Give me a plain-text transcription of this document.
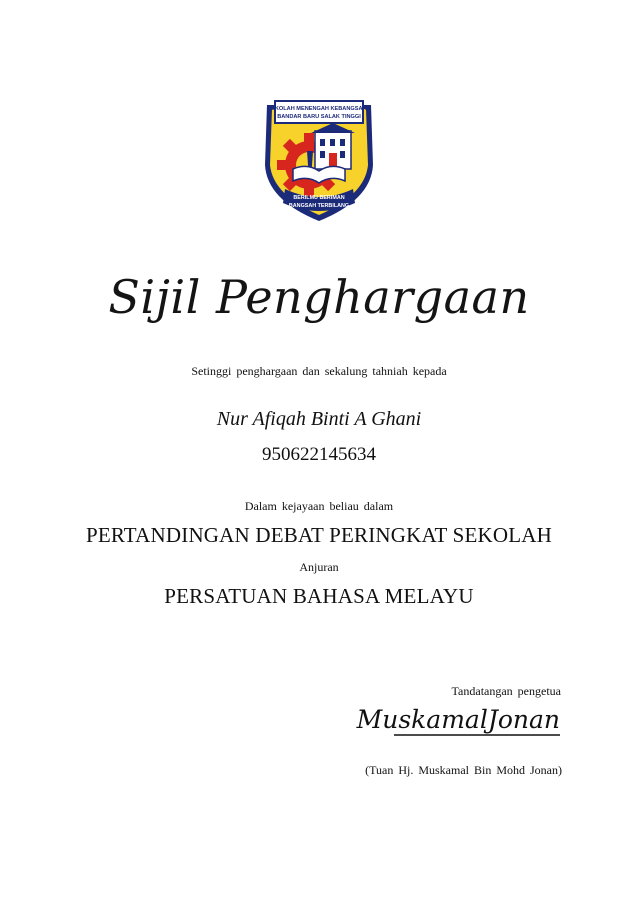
SEKOLAH MENENGAH KEBANGSAAN
BANDAR BARU SALAK TINGGI
BERILMU BERIMAN
BANGSAH TERBILANG
Sijil Penghargaan
Setinggi penghargaan dan sekalung tahniah kepada
Nur Afiqah Binti A Ghani
950622145634
Dalam kejayaan beliau dalam
PERTANDINGAN DEBAT PERINGKAT SEKOLAH
Anjuran
PERSATUAN BAHASA MELAYU
Tandatangan pengetua
MuskamalJonan
(Tuan Hj. Muskamal Bin Mohd Jonan)
